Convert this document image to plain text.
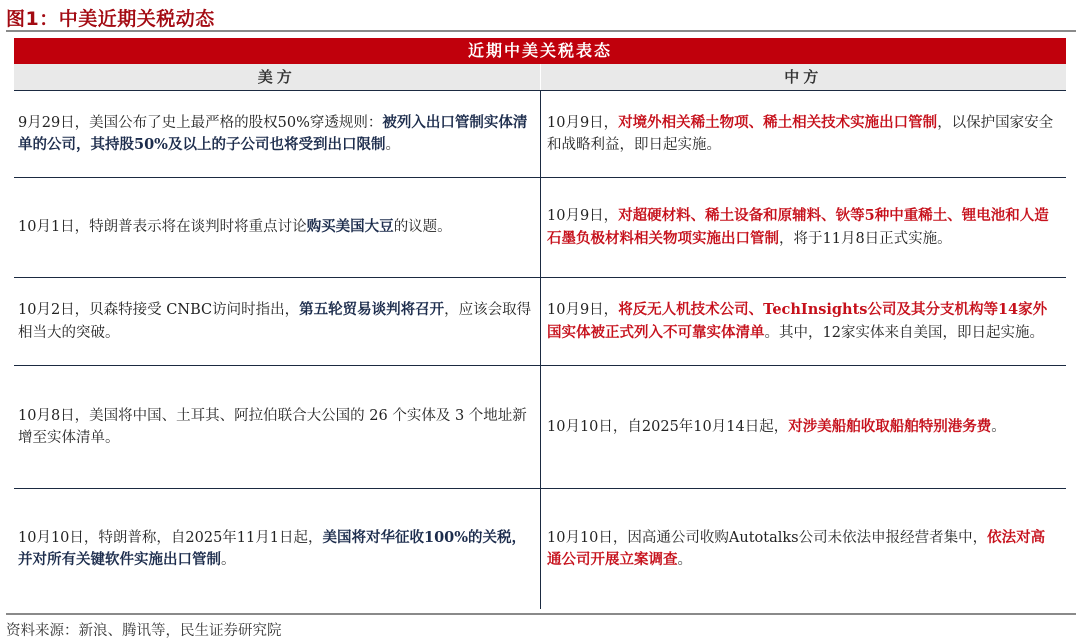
图1：中美近期关税动态
近期中美关税表态
美方	中方

9月29日，美国公布了史上最严格的股权50%穿透规则：被列入出口管制实体清单的公司，其持股50%及以上的子公司也将受到出口限制。

10月9日，对境外相关稀土物项、稀土相关技术实施出口管制，以保护国家安全和战略利益，即日起实施。

10月1日，特朗普表示将在谈判时将重点讨论购买美国大豆的议题。

10月9日，对超硬材料、稀土设备和原辅料、钬等5种中重稀土、锂电池和人造石墨负极材料相关物项实施出口管制，将于11月8日正式实施。

10月2日，贝森特接受 CNBC访问时指出，第五轮贸易谈判将召开，应该会取得相当大的突破。

10月9日，将反无人机技术公司、TechInsights公司及其分支机构等14家外国实体被正式列入不可靠实体清单。其中，12家实体来自美国，即日起实施。

10月8日，美国将中国、土耳其、阿拉伯联合大公国的 26 个实体及 3 个地址新增至实体清单。

10月10日，自2025年10月14日起，对涉美船舶收取船舶特别港务费。

10月10日，特朗普称，自2025年11月1日起，美国将对华征收100%的关税，并对所有关键软件实施出口管制。

10月10日，因高通公司收购Autotalks公司未依法申报经营者集中，依法对高通公司开展立案调查。

资料来源：新浪、腾讯等，民生证券研究院
